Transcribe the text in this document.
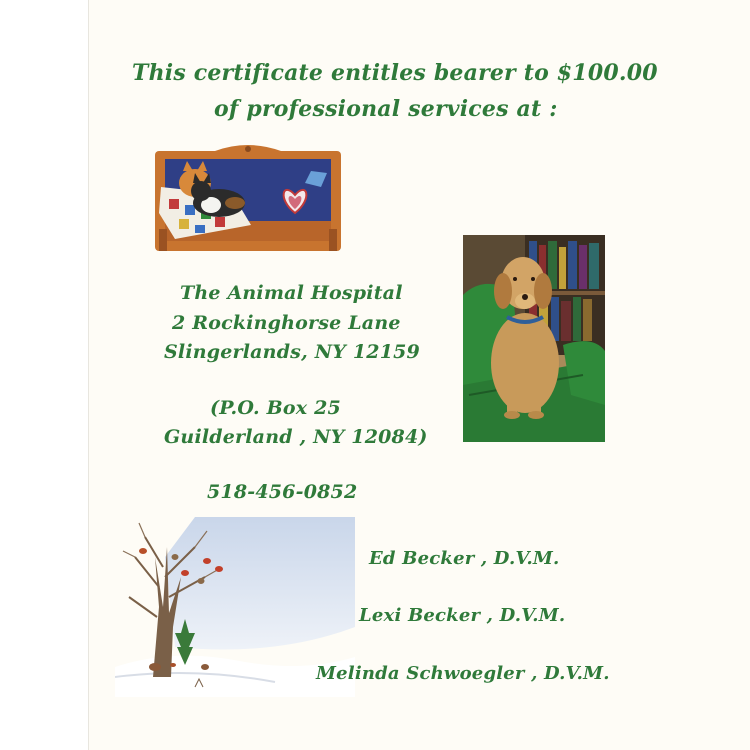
This certificate entitles bearer to $100.00
of professional services at :
The Animal Hospital
2 Rockinghorse Lane
Slingerlands, NY 12159
(P.O. Box 25
Guilderland , NY 12084)
518-456-0852
Ed Becker , D.V.M.
Lexi Becker , D.V.M.
Melinda Schwoegler , D.V.M.
